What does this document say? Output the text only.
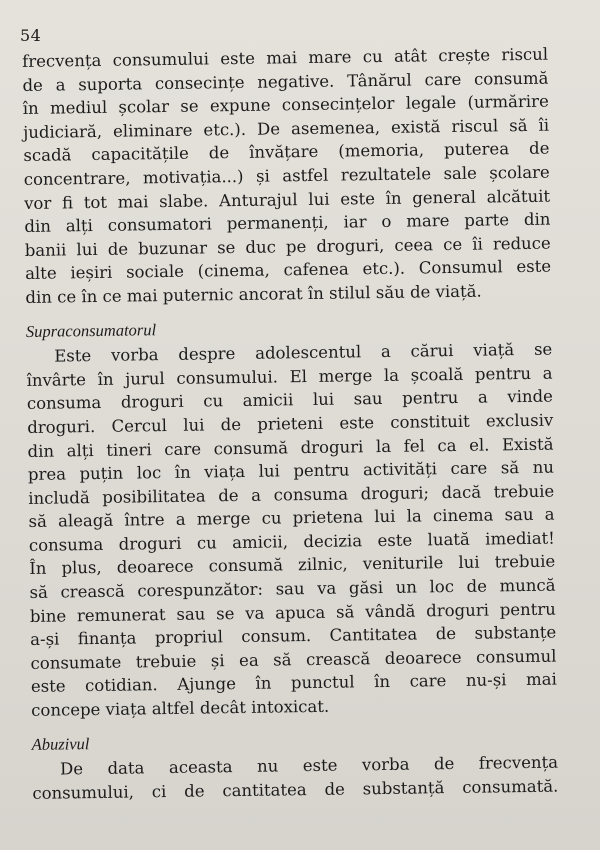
54
frecvența consumului este mai mare cu atât crește riscul
de a suporta consecințe negative. Tânărul care consumă
în mediul școlar se expune consecințelor legale (urmărire
judiciară, eliminare etc.). De asemenea, există riscul să îi
scadă capacitățile de învățare (memoria, puterea de
concentrare, motivația...) și astfel rezultatele sale școlare
vor fi tot mai slabe. Anturajul lui este în general alcătuit
din alți consumatori permanenți, iar o mare parte din
banii lui de buzunar se duc pe droguri, ceea ce îi reduce
alte ieșiri sociale (cinema, cafenea etc.). Consumul este
din ce în ce mai puternic ancorat în stilul său de viață.
Supraconsumatorul
Este vorba despre adolescentul a cărui viață se
învârte în jurul consumului. El merge la școală pentru a
consuma droguri cu amicii lui sau pentru a vinde
droguri. Cercul lui de prieteni este constituit exclusiv
din alți tineri care consumă droguri la fel ca el. Există
prea puțin loc în viața lui pentru activități care să nu
includă posibilitatea de a consuma droguri; dacă trebuie
să aleagă între a merge cu prietena lui la cinema sau a
consuma droguri cu amicii, decizia este luată imediat!
În plus, deoarece consumă zilnic, veniturile lui trebuie
să crească corespunzător: sau va găsi un loc de muncă
bine remunerat sau se va apuca să vândă droguri pentru
a-și finanța propriul consum. Cantitatea de substanțe
consumate trebuie și ea să crească deoarece consumul
este cotidian. Ajunge în punctul în care nu-și mai
concepe viața altfel decât intoxicat.
Abuzivul
De data aceasta nu este vorba de frecvența
consumului, ci de cantitatea de substanță consumată.
